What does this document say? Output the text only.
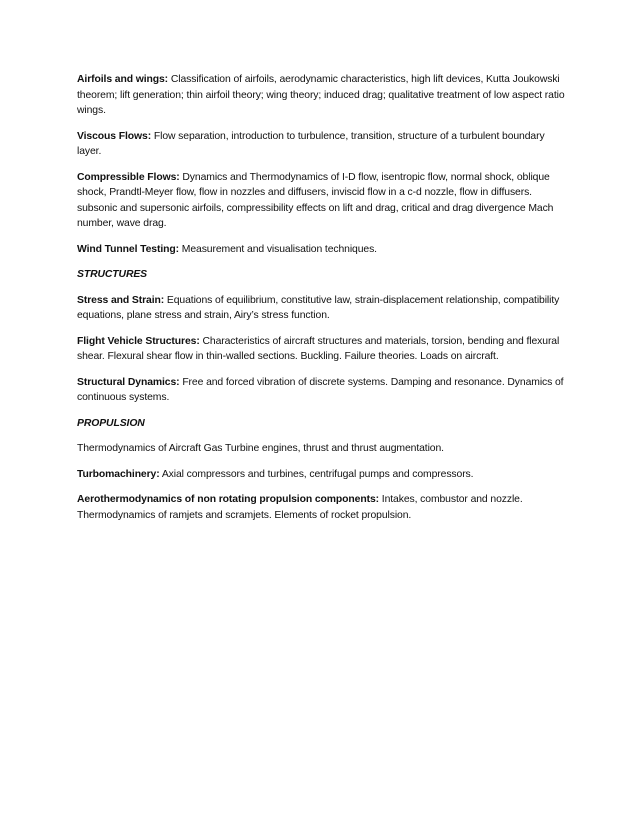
Airfoils and wings: Classification of airfoils, aerodynamic characteristics, high lift devices, Kutta Joukowski theorem; lift generation; thin airfoil theory; wing theory; induced drag; qualitative treatment of low aspect ratio wings.

Viscous Flows: Flow separation, introduction to turbulence, transition, structure of a turbulent boundary layer.

Compressible Flows: Dynamics and Thermodynamics of I-D flow, isentropic flow, normal shock, oblique shock, Prandtl-Meyer flow, flow in nozzles and diffusers, inviscid flow in a c-d nozzle, flow in diffusers. subsonic and supersonic airfoils, compressibility effects on lift and drag, critical and drag divergence Mach number, wave drag.

Wind Tunnel Testing: Measurement and visualisation techniques.

STRUCTURES

Stress and Strain: Equations of equilibrium, constitutive law, strain-displacement relationship, compatibility equations, plane stress and strain, Airy’s stress function.

Flight Vehicle Structures: Characteristics of aircraft structures and materials, torsion, bending and flexural shear. Flexural shear flow in thin-walled sections. Buckling. Failure theories. Loads on aircraft.

Structural Dynamics: Free and forced vibration of discrete systems. Damping and resonance. Dynamics of continuous systems.

PROPULSION

Thermodynamics of Aircraft Gas Turbine engines, thrust and thrust augmentation.

Turbomachinery: Axial compressors and turbines, centrifugal pumps and compressors.

Aerothermodynamics of non rotating propulsion components: Intakes, combustor and nozzle. Thermodynamics of ramjets and scramjets. Elements of rocket propulsion.
